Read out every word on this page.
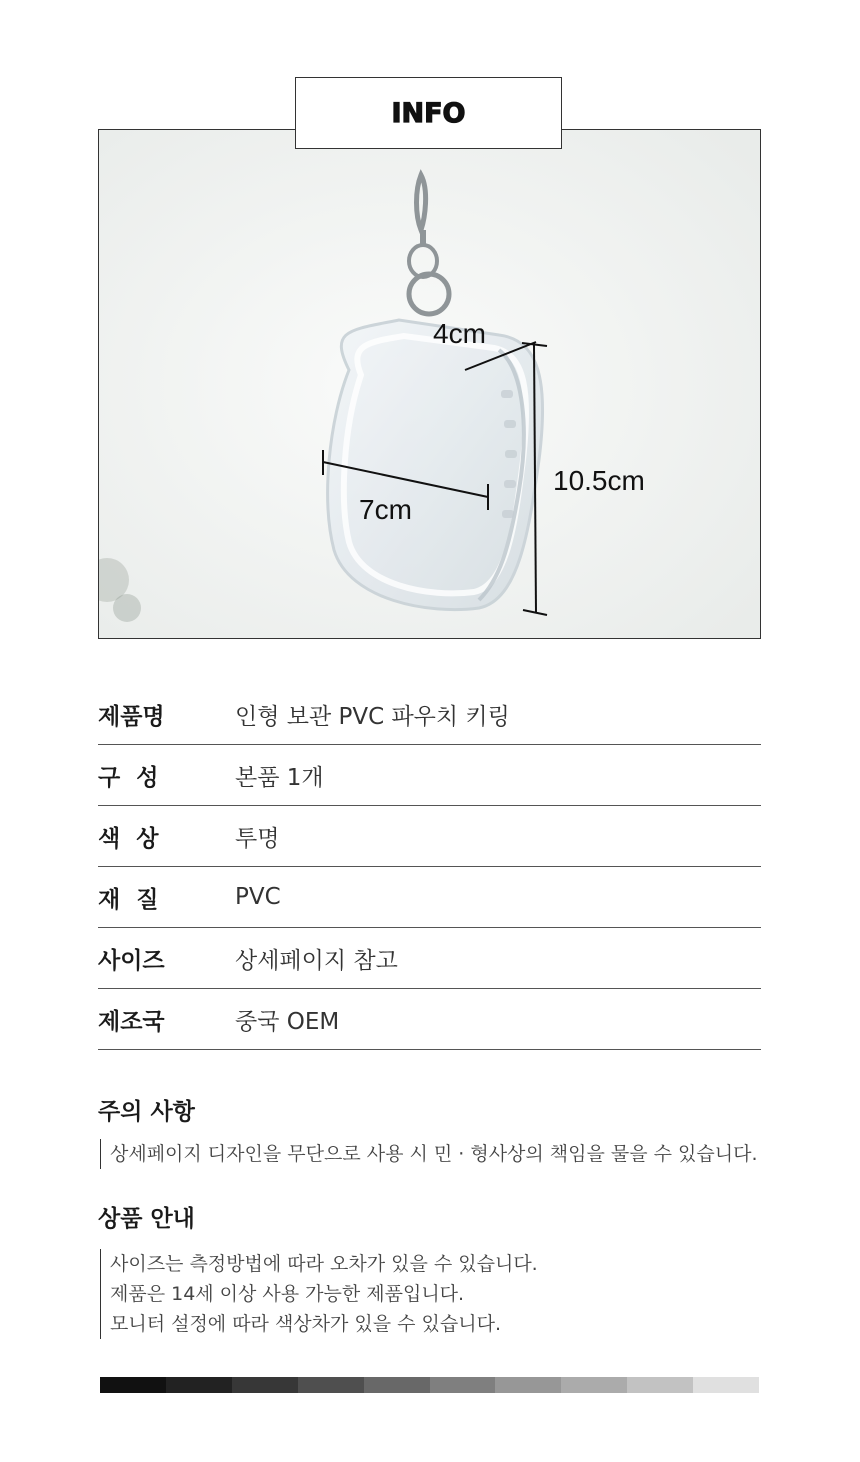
INFO
4cm
7cm
10.5cm
제품명	인형 보관 PVC 파우치 키링
구  성	본품 1개
색  상	투명
재  질	PVC
사이즈	상세페이지 참고
제조국	중국 OEM
주의 사항
상세페이지 디자인을 무단으로 사용 시 민 · 형사상의 책임을 물을 수 있습니다.
상품 안내
사이즈는 측정방법에 따라 오차가 있을 수 있습니다.
제품은 14세 이상 사용 가능한 제품입니다.
모니터 설정에 따라 색상차가 있을 수 있습니다.
